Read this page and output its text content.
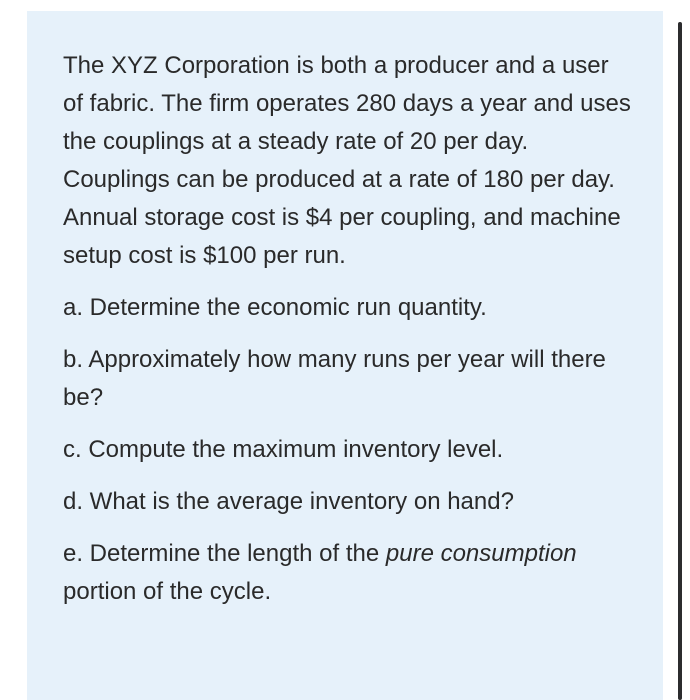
The XYZ Corporation is both a producer and a user of fabric. The firm operates 280 days a year and uses the couplings at a steady rate of 20 per day. Couplings can be produced at a rate of 180 per day. Annual storage cost is $4 per coupling, and machine setup cost is $100 per run.

a. Determine the economic run quantity.

b. Approximately how many runs per year will there be?

c. Compute the maximum inventory level.

d. What is the average inventory on hand?

e. Determine the length of the pure consumption portion of the cycle.
